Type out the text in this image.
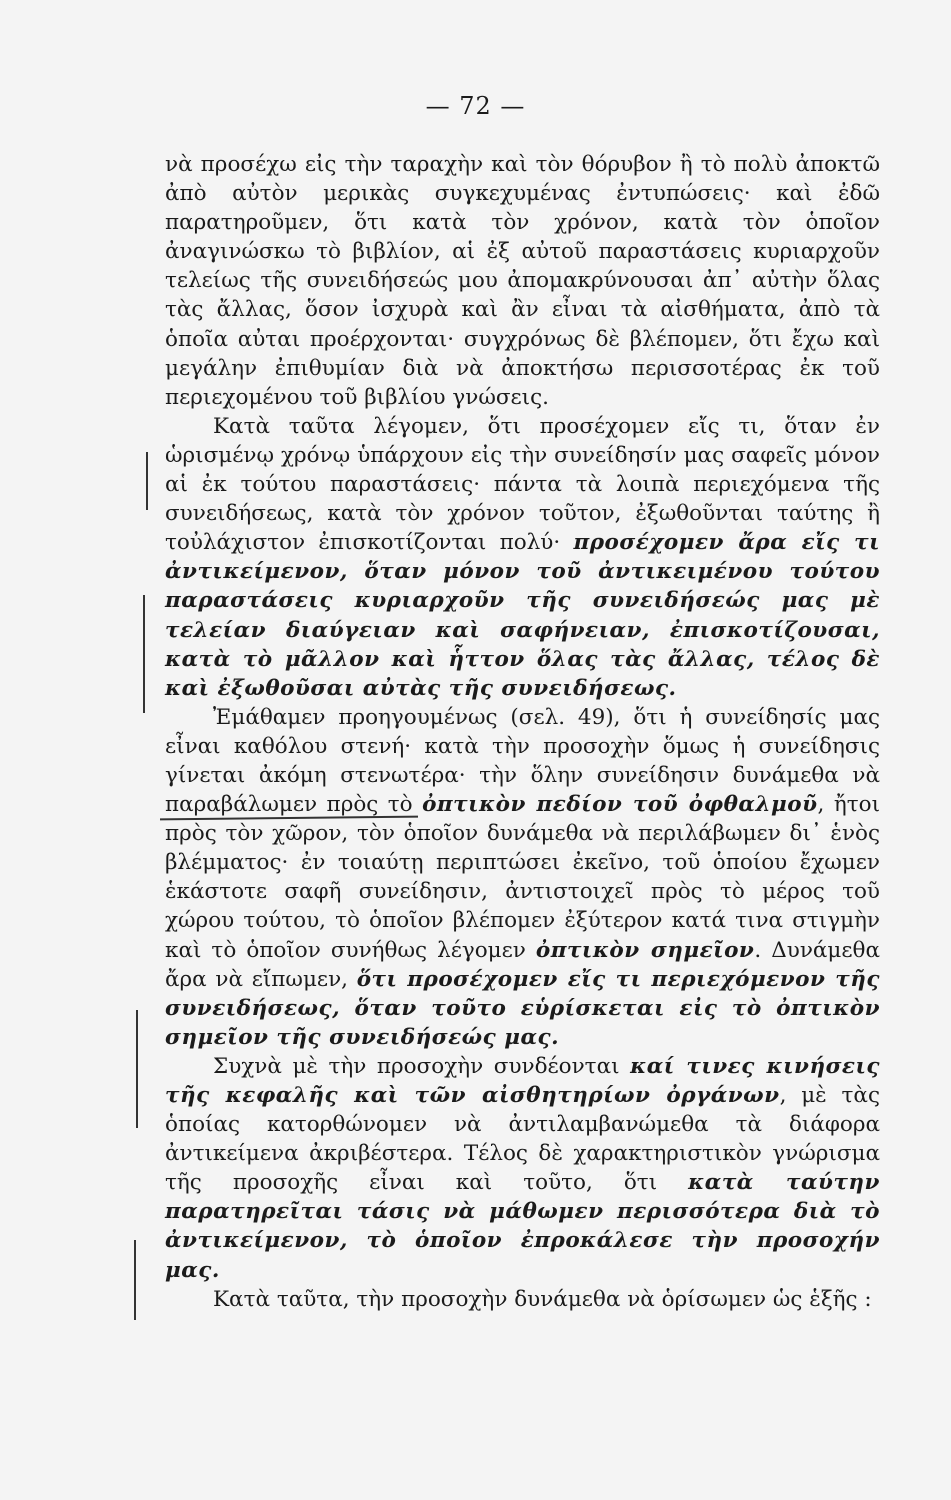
— 72 —

νὰ προσέχω εἰς τὴν ταραχὴν καὶ τὸν θόρυβον ἢ τὸ πολὺ ἀποκτῶ ἀπὸ αὐτὸν μερικὰς συγκεχυμένας ἐντυπώσεις· καὶ ἐδῶ παρατηροῦμεν, ὅτι κατὰ τὸν χρόνον, κατὰ τὸν ὁποῖον ἀναγινώσκω τὸ βιβλίον, αἱ ἐξ αὐτοῦ παραστάσεις κυριαρχοῦν τελείως τῆς συνειδήσεώς μου ἀπομακρύνουσαι ἀπ᾽ αὐτὴν ὅλας τὰς ἄλλας, ὅσον ἰσχυρὰ καὶ ἂν εἶναι τὰ αἰσθήματα, ἀπὸ τὰ ὁποῖα αὐται προέρχονται· συγχρόνως δὲ βλέπομεν, ὅτι ἔχω καὶ μεγάλην ἐπιθυμίαν διὰ νὰ ἀποκτήσω περισσοτέρας ἐκ τοῦ περιεχομένου τοῦ βιβλίου γνώσεις.

Κατὰ ταῦτα λέγομεν, ὅτι προσέχομεν εἴς τι, ὅταν ἐν ὡρισμένῳ χρόνῳ ὑπάρχουν εἰς τὴν συνείδησίν μας σαφεῖς μόνον αἱ ἐκ τούτου παραστάσεις· πάντα τὰ λοιπὰ περιεχόμενα τῆς συνειδήσεως, κατὰ τὸν χρόνον τοῦτον, ἐξωθοῦνται ταύτης ἢ τοὐλάχιστον ἐπισκοτίζονται πολύ· προσέχομεν ἄρα εἴς τι ἀντικείμενον, ὅταν μόνον τοῦ ἀντικειμένου τούτου παραστάσεις κυριαρχοῦν τῆς συνειδήσεώς μας μὲ τελείαν διαύγειαν καὶ σαφήνειαν, ἐπισκοτίζουσαι, κατὰ τὸ μᾶλλον καὶ ἧττον ὅλας τὰς ἄλλας, τέλος δὲ καὶ ἐξωθοῦσαι αὐτὰς τῆς συνειδήσεως.

Ἐμάθαμεν προηγουμένως (σελ. 49), ὅτι ἡ συνείδησίς μας εἶναι καθόλου στενή· κατὰ τὴν προσοχὴν ὅμως ἡ συνείδησις γίνεται ἀκόμη στενωτέρα· τὴν ὅλην συνείδησιν δυνάμεθα νὰ παραβάλωμεν πρὸς τὸ ὀπτικὸν πεδίον τοῦ ὀφθαλμοῦ, ἤτοι πρὸς τὸν χῶρον, τὸν ὁποῖον δυνάμεθα νὰ περιλάβωμεν δι᾽ ἑνὸς βλέμματος· ἐν τοιαύτῃ περιπτώσει ἐκεῖνο, τοῦ ὁποίου ἔχωμεν ἑκάστοτε σαφῆ συνείδησιν, ἀντιστοιχεῖ πρὸς τὸ μέρος τοῦ χώρου τούτου, τὸ ὁποῖον βλέπομεν ἐξύτερον κατά τινα στιγμὴν καὶ τὸ ὁποῖον συνήθως λέγομεν ὀπτικὸν σημεῖον. Δυνάμεθα ἄρα νὰ εἴπωμεν, ὅτι προσέχομεν εἴς τι περιεχόμενον τῆς συνειδήσεως, ὅταν τοῦτο εὑρίσκεται εἰς τὸ ὀπτικὸν σημεῖον τῆς συνειδήσεώς μας.

Συχνὰ μὲ τὴν προσοχὴν συνδέονται καί τινες κινήσεις τῆς κεφαλῆς καὶ τῶν αἰσθητηρίων ὀργάνων, μὲ τὰς ὁποίας κατορθώνομεν νὰ ἀντιλαμβανώμεθα τὰ διάφορα ἀντικείμενα ἀκριβέστερα. Τέλος δὲ χαρακτηριστικὸν γνώρισμα τῆς προσοχῆς εἶναι καὶ τοῦτο, ὅτι κατὰ ταύτην παρατηρεῖται τάσις νὰ μάθωμεν περισσότερα διὰ τὸ ἀντικείμενον, τὸ ὁποῖον ἐπροκάλεσε τὴν προσοχήν μας.

Κατὰ ταῦτα, τὴν προσοχὴν δυνάμεθα νὰ ὁρίσωμεν ὡς ἑξῆς :
